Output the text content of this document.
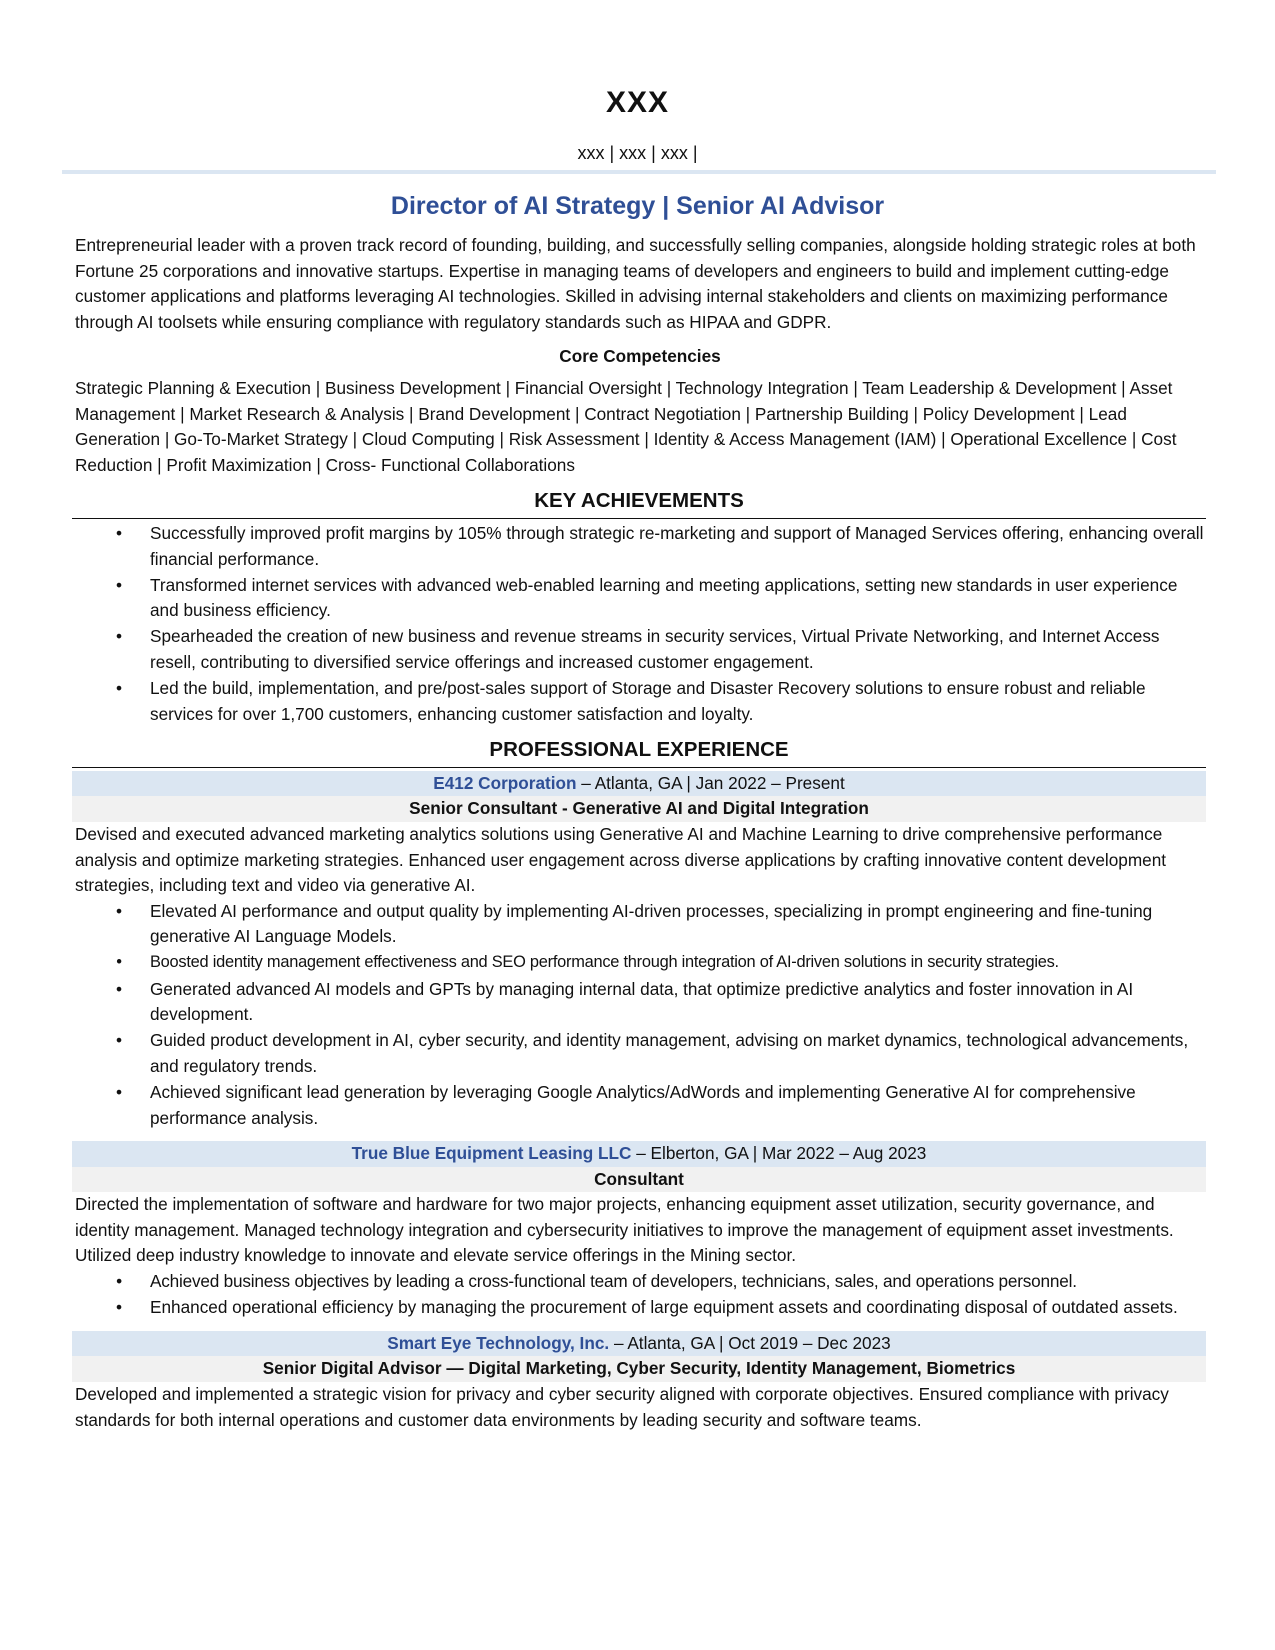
XXX
xxx | xxx | xxx |
Director of AI Strategy | Senior AI Advisor

Entrepreneurial leader with a proven track record of founding, building, and successfully selling companies, alongside holding strategic roles at both Fortune 25 corporations and innovative startups. Expertise in managing teams of developers and engineers to build and implement cutting-edge customer applications and platforms leveraging AI technologies. Skilled in advising internal stakeholders and clients on maximizing performance through AI toolsets while ensuring compliance with regulatory standards such as HIPAA and GDPR.

Core Competencies

Strategic Planning & Execution | Business Development | Financial Oversight | Technology Integration | Team Leadership & Development | Asset Management | Market Research & Analysis | Brand Development | Contract Negotiation | Partnership Building | Policy Development | Lead Generation | Go-To-Market Strategy | Cloud Computing | Risk Assessment | Identity & Access Management (IAM) | Operational Excellence | Cost Reduction | Profit Maximization | Cross- Functional Collaborations

KEY ACHIEVEMENTS
• Successfully improved profit margins by 105% through strategic re-marketing and support of Managed Services offering, enhancing overall financial performance.
• Transformed internet services with advanced web-enabled learning and meeting applications, setting new standards in user experience and business efficiency.
• Spearheaded the creation of new business and revenue streams in security services, Virtual Private Networking, and Internet Access resell, contributing to diversified service offerings and increased customer engagement.
• Led the build, implementation, and pre/post-sales support of Storage and Disaster Recovery solutions to ensure robust and reliable services for over 1,700 customers, enhancing customer satisfaction and loyalty.
PROFESSIONAL EXPERIENCE
E412 Corporation – Atlanta, GA | Jan 2022 – Present
Senior Consultant - Generative AI and Digital Integration

Devised and executed advanced marketing analytics solutions using Generative AI and Machine Learning to drive comprehensive performance analysis and optimize marketing strategies. Enhanced user engagement across diverse applications by crafting innovative content development strategies, including text and video via generative AI.

• Elevated AI performance and output quality by implementing AI-driven processes, specializing in prompt engineering and fine-tuning generative AI Language Models.
• Boosted identity management effectiveness and SEO performance through integration of AI-driven solutions in security strategies.
• Generated advanced AI models and GPTs by managing internal data, that optimize predictive analytics and foster innovation in AI development.
• Guided product development in AI, cyber security, and identity management, advising on market dynamics, technological advancements, and regulatory trends.
• Achieved significant lead generation by leveraging Google Analytics/AdWords and implementing Generative AI for comprehensive performance analysis.
True Blue Equipment Leasing LLC – Elberton, GA | Mar 2022 – Aug 2023
Consultant

Directed the implementation of software and hardware for two major projects, enhancing equipment asset utilization, security governance, and identity management. Managed technology integration and cybersecurity initiatives to improve the management of equipment asset investments. Utilized deep industry knowledge to innovate and elevate service offerings in the Mining sector.

• Achieved business objectives by leading a cross-functional team of developers, technicians, sales, and operations personnel.
• Enhanced operational efficiency by managing the procurement of large equipment assets and coordinating disposal of outdated assets.
Smart Eye Technology, Inc. – Atlanta, GA | Oct 2019 – Dec 2023
Senior Digital Advisor — Digital Marketing, Cyber Security, Identity Management, Biometrics

Developed and implemented a strategic vision for privacy and cyber security aligned with corporate objectives. Ensured compliance with privacy standards for both internal operations and customer data environments by leading security and software teams.
